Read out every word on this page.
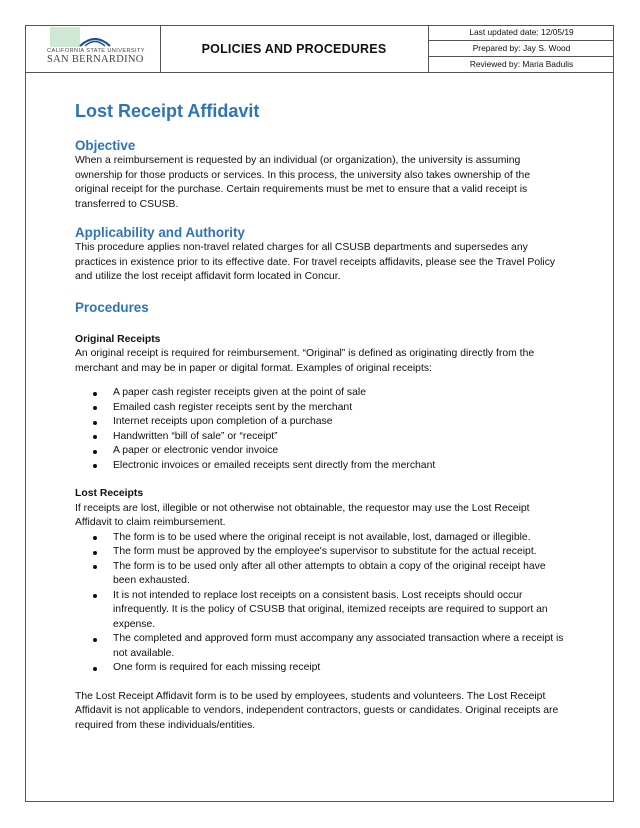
CALIFORNIA STATE UNIVERSITY
SAN BERNARDINO
POLICIES AND PROCEDURES
Last updated date: 12/05/19
Prepared by: Jay S. Wood
Reviewed by: Maria Badulis
Lost Receipt Affidavit
Objective

When a reimbursement is requested by an individual (or organization), the university is assuming ownership for those products or services. In this process, the university also takes ownership of the original receipt for the purchase. Certain requirements must be met to ensure that a valid receipt is transferred to CSUSB.

Applicability and Authority

This procedure applies non-travel related charges for all CSUSB departments and supersedes any practices in existence prior to its effective date. For travel receipts affidavits, please see the Travel Policy and utilize the lost receipt affidavit form located in Concur.

Procedures

Original Receipts

An original receipt is required for reimbursement. “Original” is defined as originating directly from the merchant and may be in paper or digital format. Examples of original receipts:

A paper cash register receipts given at the point of sale
Emailed cash register receipts sent by the merchant
Internet receipts upon completion of a purchase
Handwritten “bill of sale” or “receipt”
A paper or electronic vendor invoice
Electronic invoices or emailed receipts sent directly from the merchant

Lost Receipts

If receipts are lost, illegible or not otherwise not obtainable, the requestor may use the Lost Receipt Affidavit to claim reimbursement.

The form is to be used where the original receipt is not available, lost, damaged or illegible.
The form must be approved by the employee's supervisor to substitute for the actual receipt.
The form is to be used only after all other attempts to obtain a copy of the original receipt have been exhausted.
It is not intended to replace lost receipts on a consistent basis. Lost receipts should occur infrequently. It is the policy of CSUSB that original, itemized receipts are required to support an expense.
The completed and approved form must accompany any associated transaction where a receipt is not available.
One form is required for each missing receipt

The Lost Receipt Affidavit form is to be used by employees, students and volunteers. The Lost Receipt Affidavit is not applicable to vendors, independent contractors, guests or candidates. Original receipts are required from these individuals/entities.
